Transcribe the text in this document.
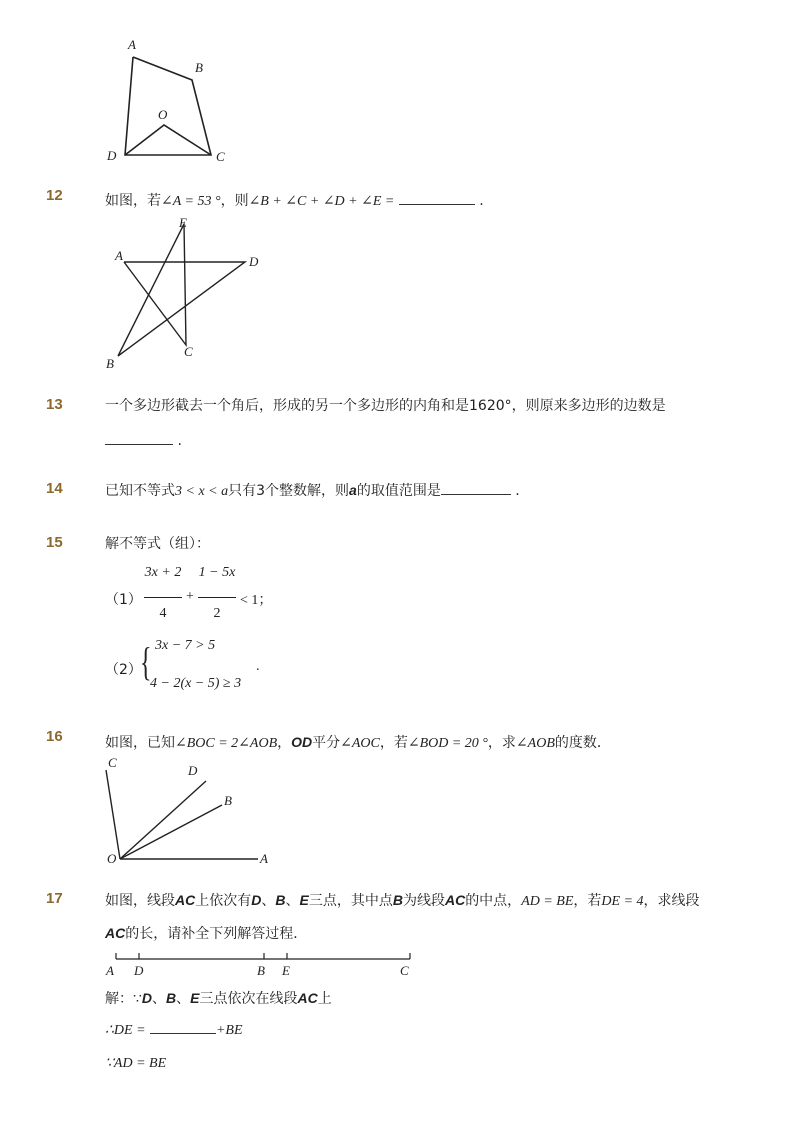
A
B
O
D	C
12	如图，若∠A = 53 °，则∠B + ∠C + ∠D + ∠E =	.
E
A	D
B
C
13	一个多边形截去一个角后，形成的另一个多边形的内角和是1620°，则原来多边形的边数是
.
14	已知不等式3 < x < a只有3个整数解，则a的取值范围是	.
15	解不等式（组）：
（1）
3x + 2
4
+
1 − 5x
2
< 1；
（2）
{ 3x − 7 > 5
4 − 2(x − 5) ≥ 3
.
16	如图，已知∠BOC = 2∠AOB，OD平分∠AOC，若∠BOD = 20 °，求∠AOB的度数．
C
D
B
O	A
17	如图，线段AC上依次有D、B、E三点，其中点B为线段AC的中点，AD = BE，若DE = 4，求线段
AC的长，请补全下列解答过程．
A D	B E	C
解：∵D、B、E三点依次在线段AC上
∴DE =	+BE
∵AD = BE
